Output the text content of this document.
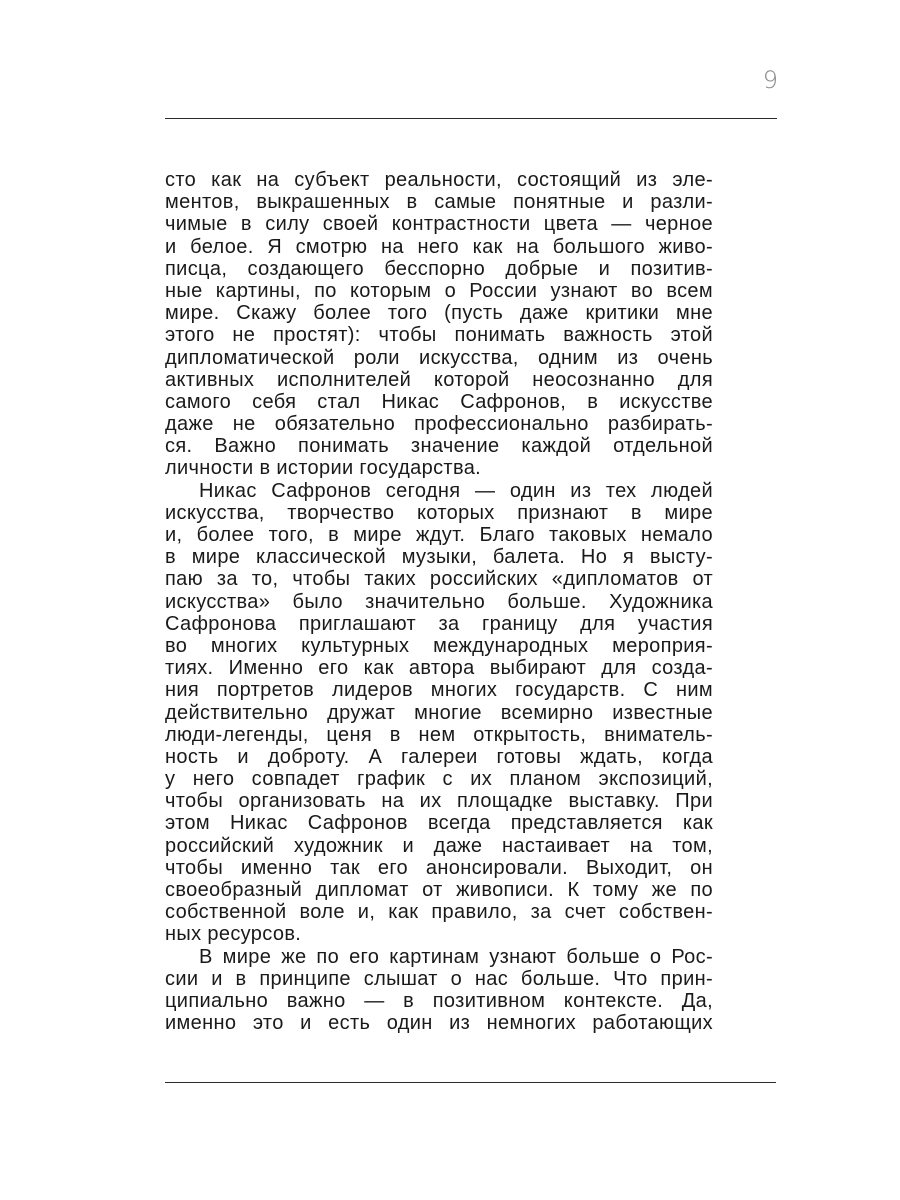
9
сто как на субъект реальности, состоящий из эле-
ментов, выкрашенных в самые понятные и разли-
чимые в силу своей контрастности цвета — черное
и белое. Я смотрю на него как на большого живо-
писца, создающего бесспорно добрые и позитив-
ные картины, по которым о России узнают во всем
мире. Скажу более того (пусть даже критики мне
этого не простят): чтобы понимать важность этой
дипломатической роли искусства, одним из очень
активных исполнителей которой неосознанно для
самого себя стал Никас Сафронов, в искусстве
даже не обязательно профессионально разбирать-
ся. Важно понимать значение каждой отдельной
личности в истории государства.
Никас Сафронов сегодня — один из тех людей
искусства, творчество которых признают в мире
и, более того, в мире ждут. Благо таковых немало
в мире классической музыки, балета. Но я высту-
паю за то, чтобы таких российских «дипломатов от
искусства» было значительно больше. Художника
Сафронова приглашают за границу для участия
во многих культурных международных мероприя-
тиях. Именно его как автора выбирают для созда-
ния портретов лидеров многих государств. С ним
действительно дружат многие всемирно известные
люди-легенды, ценя в нем открытость, вниматель-
ность и доброту. А галереи готовы ждать, когда
у него совпадет график с их планом экспозиций,
чтобы организовать на их площадке выставку. При
этом Никас Сафронов всегда представляется как
российский художник и даже настаивает на том,
чтобы именно так его анонсировали. Выходит, он
своеобразный дипломат от живописи. К тому же по
собственной воле и, как правило, за счет собствен-
ных ресурсов.
В мире же по его картинам узнают больше о Рос-
сии и в принципе слышат о нас больше. Что прин-
ципиально важно — в позитивном контексте. Да,
именно это и есть один из немногих работающих
